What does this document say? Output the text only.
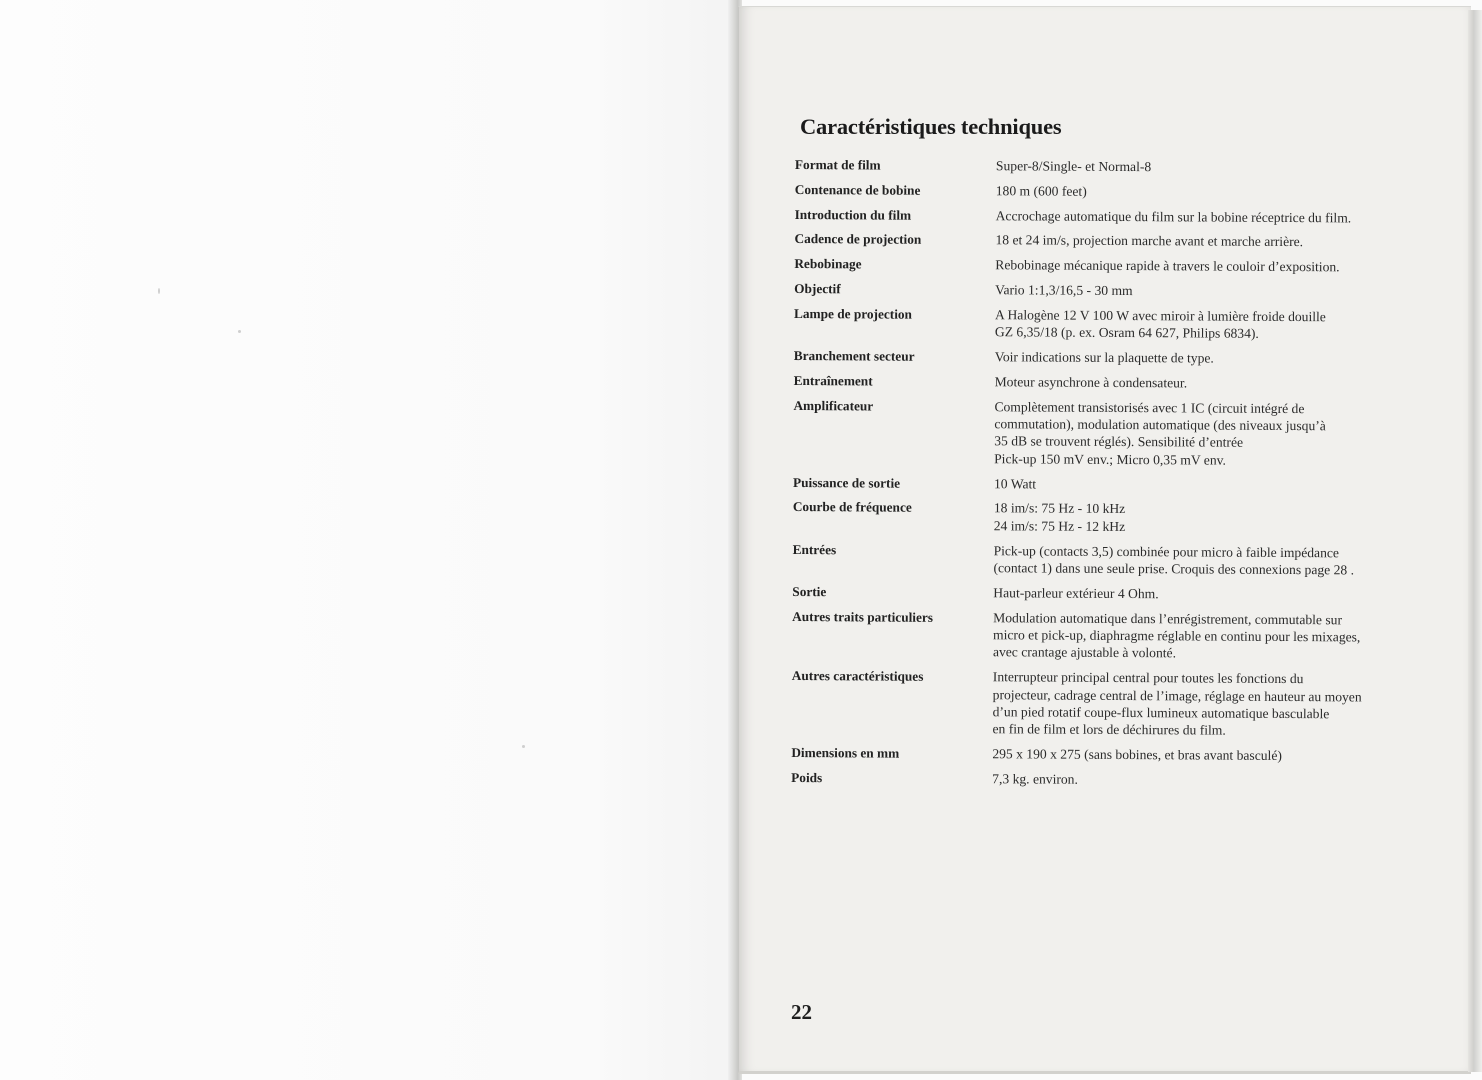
Caractéristiques techniques
Format de film	Super-8/Single- et Normal-8
Contenance de bobine	180 m (600 feet)
Introduction du film	Accrochage automatique du film sur la bobine réceptrice du film.
Cadence de projection	18 et 24 im/s, projection marche avant et marche arrière.
Rebobinage	Rebobinage mécanique rapide à travers le couloir d’exposition.
Objectif	Vario 1:1,3/16,5 - 30 mm
Lampe de projection	A Halogène 12 V 100 W avec miroir à lumière froide douille
GZ 6,35/18 (p. ex. Osram 64 627, Philips 6834).
Branchement secteur	Voir indications sur la plaquette de type.
Entraînement	Moteur asynchrone à condensateur.
Amplificateur	Complètement transistorisés avec 1 IC (circuit intégré de
commutation), modulation automatique (des niveaux jusqu’à
35 dB se trouvent réglés). Sensibilité d’entrée
Pick-up 150 mV env.; Micro 0,35 mV env.
Puissance de sortie	10 Watt
Courbe de fréquence	18 im/s: 75 Hz - 10 kHz
24 im/s: 75 Hz - 12 kHz
Entrées	Pick-up (contacts 3,5) combinée pour micro à faible impédance
(contact 1) dans une seule prise. Croquis des connexions page 28 .
Sortie	Haut-parleur extérieur 4 Ohm.
Autres traits particuliers	Modulation automatique dans l’enrégistrement, commutable sur
micro et pick-up, diaphragme réglable en continu pour les mixages,
avec crantage ajustable à volonté.
Autres caractéristiques	Interrupteur principal central pour toutes les fonctions du
projecteur, cadrage central de l’image, réglage en hauteur au moyen
d’un pied rotatif coupe-flux lumineux automatique basculable
en fin de film et lors de déchirures du film.
Dimensions en mm	295 x 190 x 275 (sans bobines, et bras avant basculé)
Poids	7,3 kg. environ.
22
